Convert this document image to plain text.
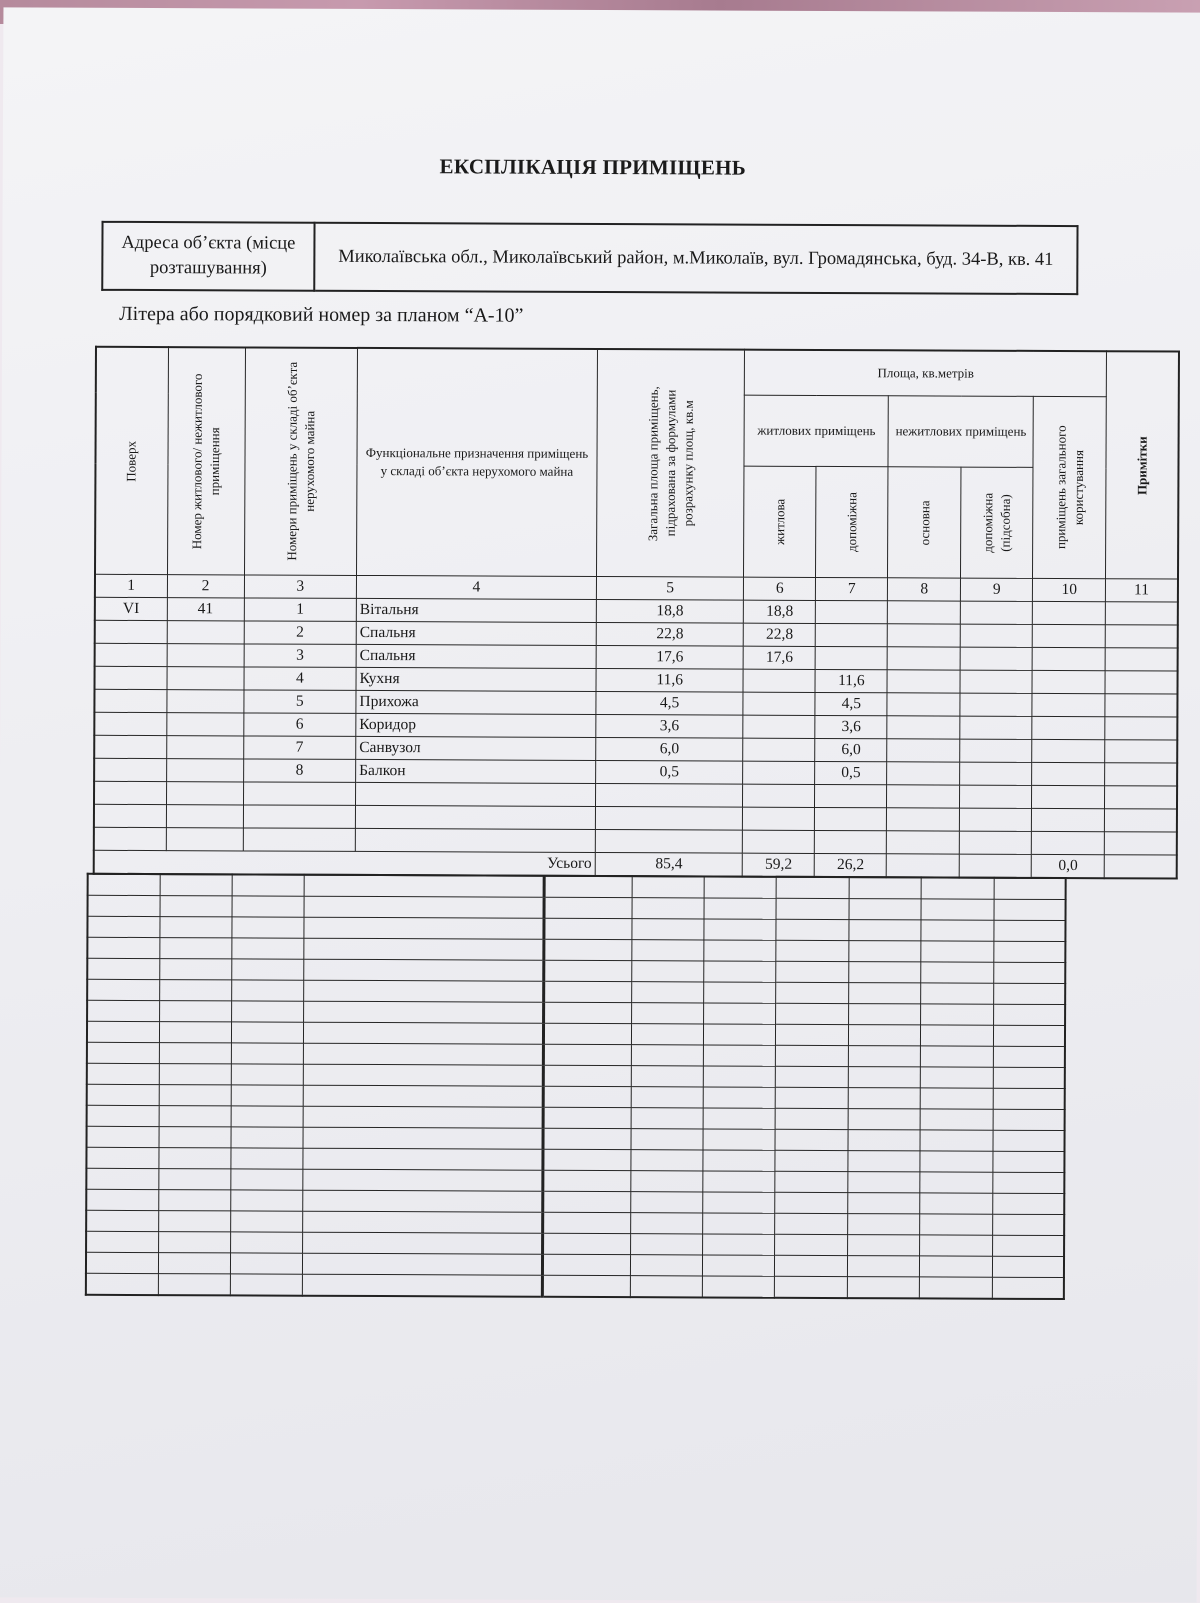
ЕКСПЛІКАЦІЯ ПРИМІЩЕНЬ
Адреса об’єкта (місце розташування)	Миколаївська обл., Миколаївський район, м.Миколаїв, вул. Громадянська, буд. 34-В, кв. 41
Літера або порядковий номер за планом “А-10”
Поверх	Номер житлового/ нежитлового приміщення	Номери приміщень у складі об’єкта нерухомого майна	Функціональне призначення приміщень у складі об’єкта нерухомого майна	Загальна площа приміщень, підрахована за формулами розрахунку площ, кв.м	Площа, кв.метрів					Примітки

					житлових приміщень		нежитлових приміщень		приміщень загального користування	

					житлова	допоміжна	основна	допоміжна (підсобна)		

1	2	3	4	5	6	7	8	9	10	11
VI	41	1	Вітальня	18,8	18,8					
		2	Спальня	22,8	22,8					
		3	Спальня	17,6	17,6					
		4	Кухня	11,6		11,6				
		5	Прихожа	4,5		4,5				
		6	Коридор	3,6		3,6				
		7	Санвузол	6,0		6,0				
		8	Балкон	0,5		0,5				

Усього				85,4	59,2	26,2			0,0	
